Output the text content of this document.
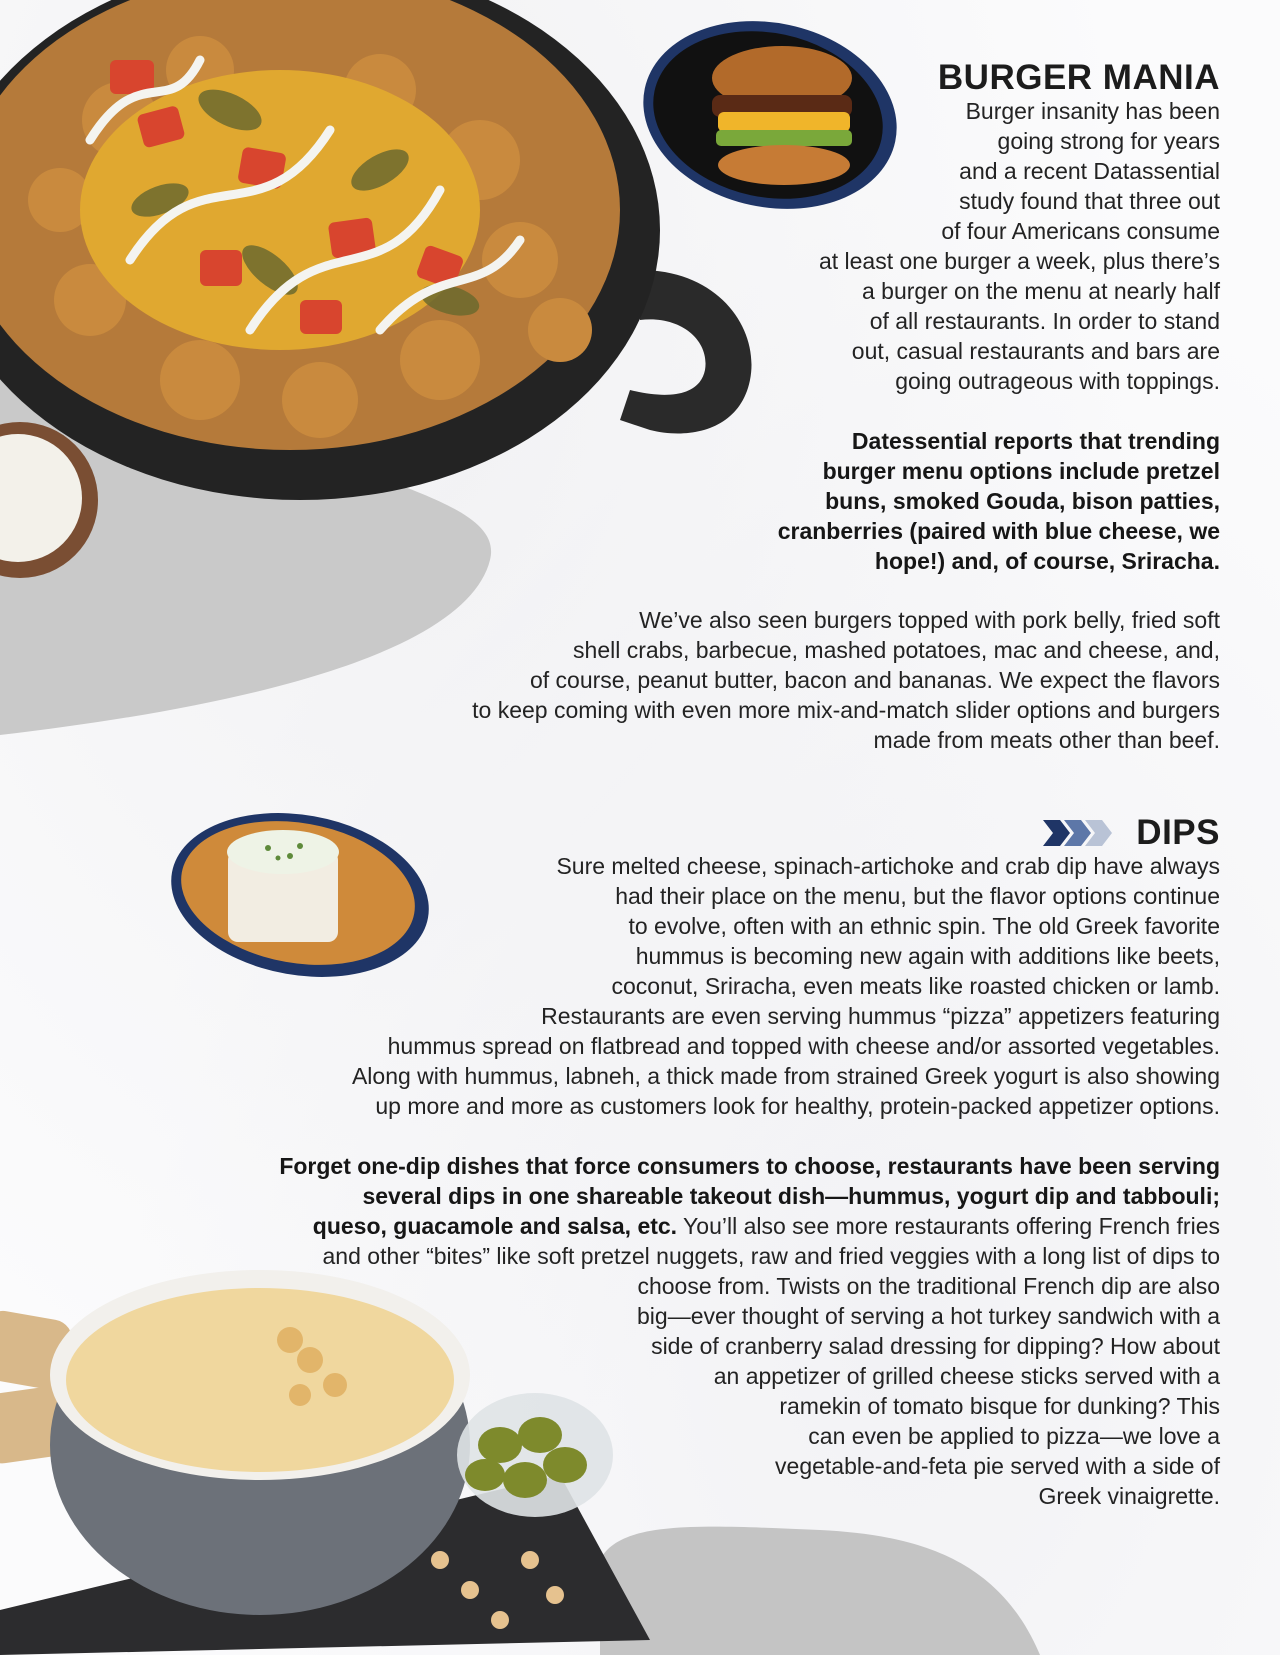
BURGER MANIA
Burger insanity has been
going strong for years
and a recent Datassential
study found that three out
of four Americans consume
at least one burger a week, plus there’s
a burger on the menu at nearly half
of all restaurants. In order to stand
out, casual restaurants and bars are
going outrageous with toppings.
Datessential reports that trending
burger menu options include pretzel
buns, smoked Gouda, bison patties,
cranberries (paired with blue cheese, we
hope!) and, of course, Sriracha.
We’ve also seen burgers topped with pork belly, fried soft
shell crabs, barbecue, mashed potatoes, mac and cheese, and,
of course, peanut butter, bacon and bananas. We expect the flavors
to keep coming with even more mix-and-match slider options and burgers
made from meats other than beef.
DIPS
Sure melted cheese, spinach-artichoke and crab dip have always
had their place on the menu, but the flavor options continue
to evolve, often with an ethnic spin. The old Greek favorite
hummus is becoming new again with additions like beets,
coconut, Sriracha, even meats like roasted chicken or lamb.
Restaurants are even serving hummus “pizza” appetizers featuring
hummus spread on flatbread and topped with cheese and/or assorted vegetables.
Along with hummus, labneh, a thick made from strained Greek yogurt is also showing
up more and more as customers look for healthy, protein-packed appetizer options.
Forget one-dip dishes that force consumers to choose, restaurants have been serving
several dips in one shareable takeout dish—hummus, yogurt dip and tabbouli;
queso, guacamole and salsa, etc. You’ll also see more restaurants offering French fries
and other “bites” like soft pretzel nuggets, raw and fried veggies with a long list of dips to
choose from. Twists on the traditional French dip are also
big—ever thought of serving a hot turkey sandwich with a
side of cranberry salad dressing for dipping? How about
an appetizer of grilled cheese sticks served with a
ramekin of tomato bisque for dunking? This
can even be applied to pizza—we love a
vegetable-and-feta pie served with a side of
Greek vinaigrette.
